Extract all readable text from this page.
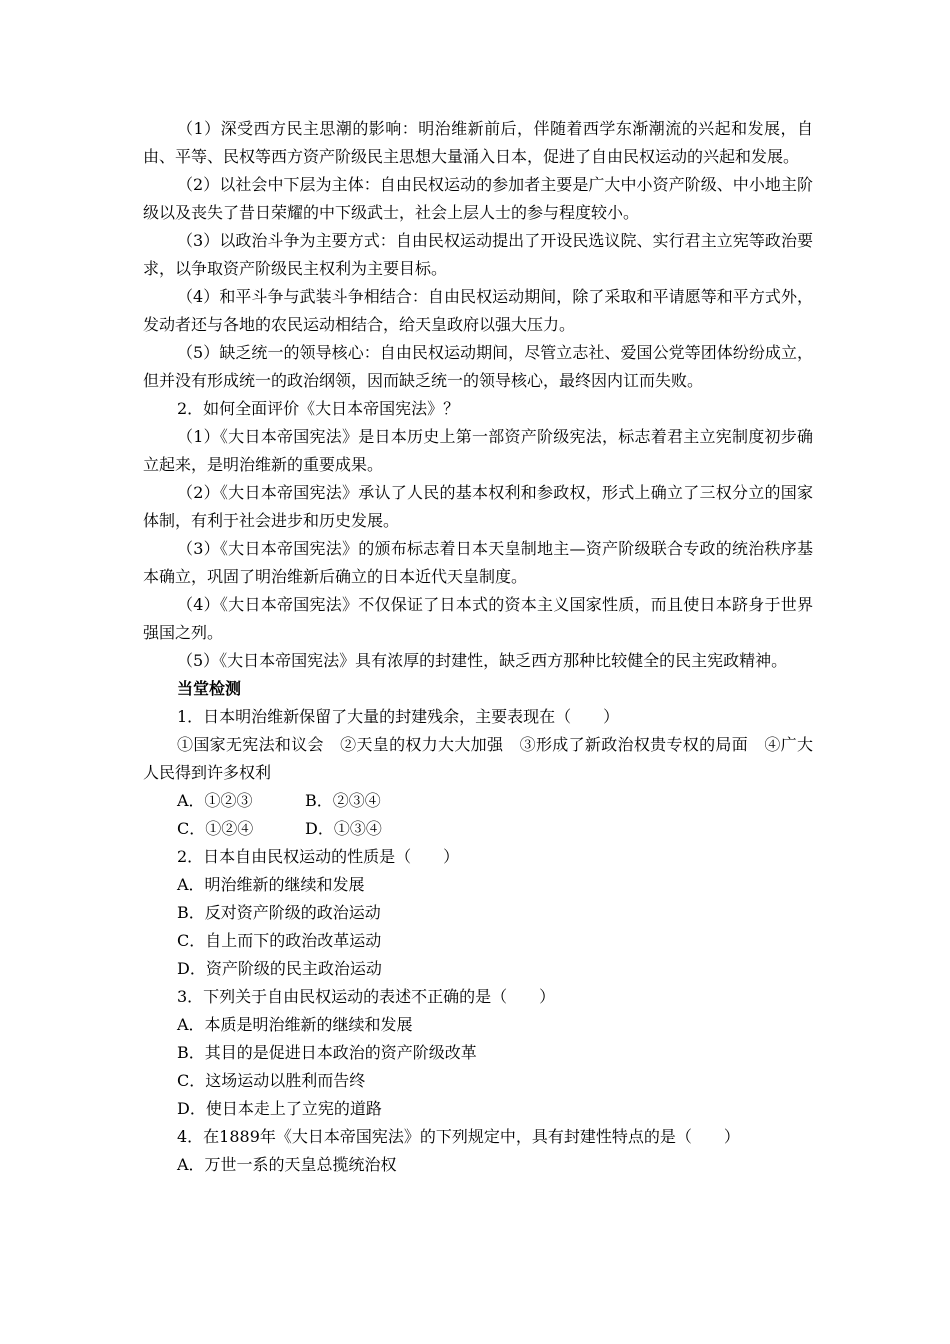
（1）深受西方民主思潮的影响：明治维新前后，伴随着西学东渐潮流的兴起和发展，自由、平等、民权等西方资产阶级民主思想大量涌入日本，促进了自由民权运动的兴起和发展。

（2）以社会中下层为主体：自由民权运动的参加者主要是广大中小资产阶级、中小地主阶级以及丧失了昔日荣耀的中下级武士，社会上层人士的参与程度较小。

（3）以政治斗争为主要方式：自由民权运动提出了开设民选议院、实行君主立宪等政治要求，以争取资产阶级民主权利为主要目标。

（4）和平斗争与武装斗争相结合：自由民权运动期间，除了采取和平请愿等和平方式外，发动者还与各地的农民运动相结合，给天皇政府以强大压力。

（5）缺乏统一的领导核心：自由民权运动期间，尽管立志社、爱国公党等团体纷纷成立，但并没有形成统一的政治纲领，因而缺乏统一的领导核心，最终因内讧而失败。

2．如何全面评价《大日本帝国宪法》？

（1）《大日本帝国宪法》是日本历史上第一部资产阶级宪法，标志着君主立宪制度初步确立起来，是明治维新的重要成果。

（2）《大日本帝国宪法》承认了人民的基本权利和参政权，形式上确立了三权分立的国家体制，有利于社会进步和历史发展。

（3）《大日本帝国宪法》的颁布标志着日本天皇制地主—资产阶级联合专政的统治秩序基本确立，巩固了明治维新后确立的日本近代天皇制度。

（4）《大日本帝国宪法》不仅保证了日本式的资本主义国家性质，而且使日本跻身于世界强国之列。

（5）《大日本帝国宪法》具有浓厚的封建性，缺乏西方那种比较健全的民主宪政精神。

当堂检测

1．日本明治维新保留了大量的封建残余，主要表现在（　　）

①国家无宪法和议会　②天皇的权力大大加强　③形成了新政治权贵专权的局面　④广大人民得到许多权利

A．①②③	B．②③④
C．①②④	D．①③④

2．日本自由民权运动的性质是（　　）

A．明治维新的继续和发展

B．反对资产阶级的政治运动

C．自上而下的政治改革运动

D．资产阶级的民主政治运动

3．下列关于自由民权运动的表述不正确的是（　　）

A．本质是明治维新的继续和发展

B．其目的是促进日本政治的资产阶级改革

C．这场运动以胜利而告终

D．使日本走上了立宪的道路

4．在1889年《大日本帝国宪法》的下列规定中，具有封建性特点的是（　　）

A．万世一系的天皇总揽统治权
